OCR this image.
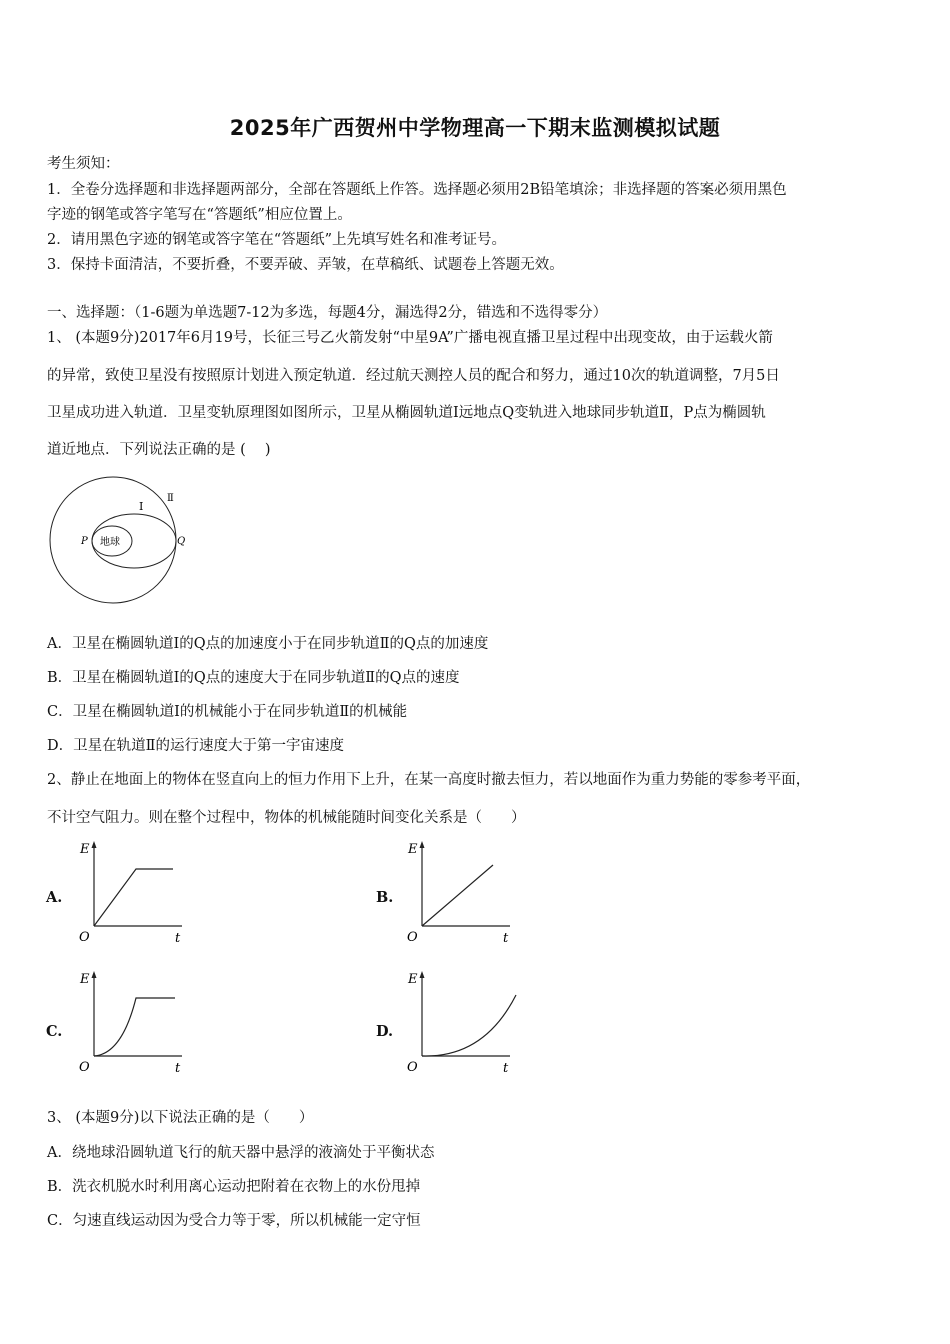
2025年广西贺州中学物理高一下期末监测模拟试题
考生须知：
1．全卷分选择题和非选择题两部分，全部在答题纸上作答。选择题必须用2B铅笔填涂；非选择题的答案必须用黑色
字迹的钢笔或答字笔写在“答题纸”相应位置上。
2．请用黑色字迹的钢笔或答字笔在“答题纸”上先填写姓名和准考证号。
3．保持卡面清洁，不要折叠，不要弄破、弄皱，在草稿纸、试题卷上答题无效。
一、选择题：（1-6题为单选题7-12为多选，每题4分，漏选得2分，错选和不选得零分）
1、 (本题9分)2017年6月19号，长征三号乙火箭发射“中星9A”广播电视直播卫星过程中出现变故，由于运载火箭
的异常，致使卫星没有按照原计划进入预定轨道．经过航天测控人员的配合和努力，通过10次的轨道调整，7月5日
卫星成功进入轨道．卫星变轨原理图如图所示，卫星从椭圆轨道Ⅰ远地点Q变轨进入地球同步轨道Ⅱ，P点为椭圆轨
道近地点．下列说法正确的是 (　 )
地球
Ⅰ
Ⅱ
P	Q
A．卫星在椭圆轨道Ⅰ的Q点的加速度小于在同步轨道Ⅱ的Q点的加速度
B．卫星在椭圆轨道Ⅰ的Q点的速度大于在同步轨道Ⅱ的Q点的速度
C．卫星在椭圆轨道Ⅰ的机械能小于在同步轨道Ⅱ的机械能
D．卫星在轨道Ⅱ的运行速度大于第一宇宙速度
2、静止在地面上的物体在竖直向上的恒力作用下上升，在某一高度时撤去恒力，若以地面作为重力势能的零参考平面，
不计空气阻力。则在整个过程中，物体的机械能随时间变化关系是（　　）
A.
E
O	t
B.
E
O	t
C.
E
O	t
D.
E
O	t
3、 (本题9分)以下说法正确的是（　　）
A．绕地球沿圆轨道飞行的航天器中悬浮的液滴处于平衡状态
B．洗衣机脱水时利用离心运动把附着在衣物上的水份甩掉
C．匀速直线运动因为受合力等于零，所以机械能一定守恒
